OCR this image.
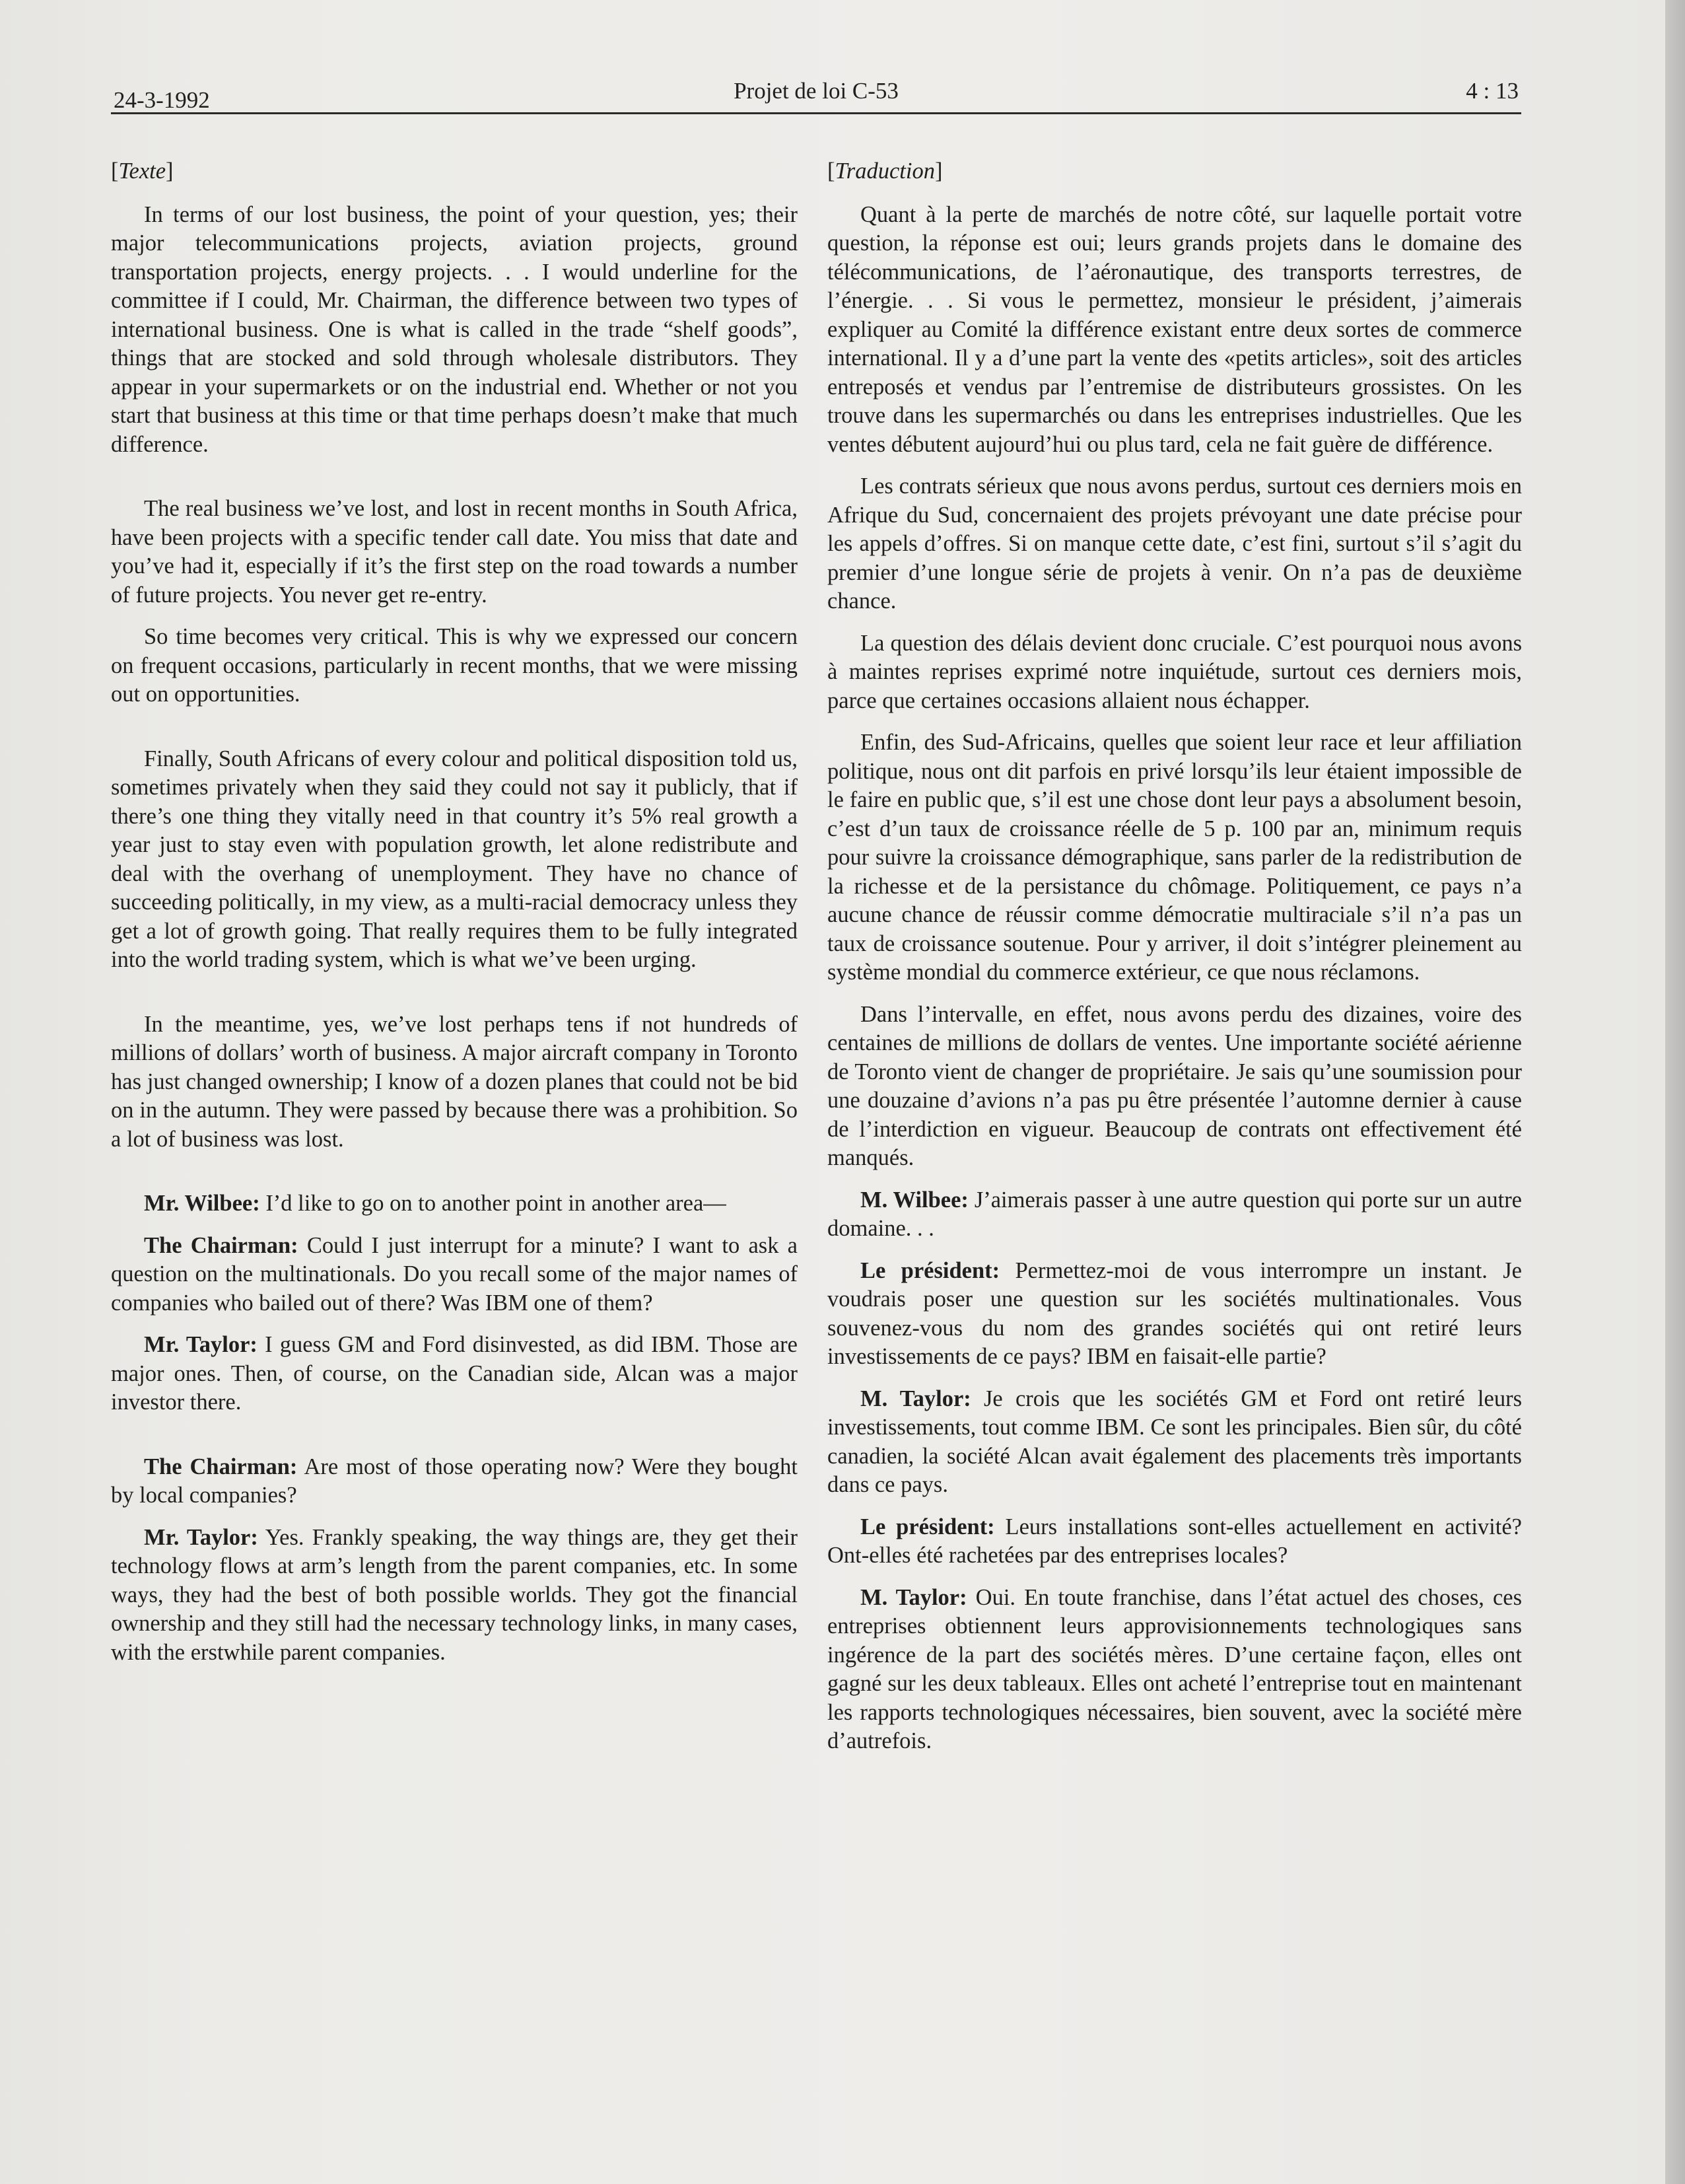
24-3-1992	Projet de loi C-53	4 : 13
[Texte]

In terms of our lost business, the point of your question, yes; their major telecommunications projects, aviation projects, ground transportation projects, energy projects. . . I would underline for the committee if I could, Mr. Chairman, the difference between two types of international business. One is what is called in the trade “shelf goods”, things that are stocked and sold through wholesale distributors. They appear in your supermarkets or on the industrial end. Whether or not you start that business at this time or that time perhaps doesn’t make that much difference.

The real business we’ve lost, and lost in recent months in South Africa, have been projects with a specific tender call date. You miss that date and you’ve had it, especially if it’s the first step on the road towards a number of future projects. You never get re-entry.

So time becomes very critical. This is why we expressed our concern on frequent occasions, particularly in recent months, that we were missing out on opportunities.

Finally, South Africans of every colour and political disposition told us, sometimes privately when they said they could not say it publicly, that if there’s one thing they vitally need in that country it’s 5% real growth a year just to stay even with population growth, let alone redistribute and deal with the overhang of unemployment. They have no chance of succeeding politically, in my view, as a multi-racial democracy unless they get a lot of growth going. That really requires them to be fully integrated into the world trading system, which is what we’ve been urging.

In the meantime, yes, we’ve lost perhaps tens if not hundreds of millions of dollars’ worth of business. A major aircraft company in Toronto has just changed ownership; I know of a dozen planes that could not be bid on in the autumn. They were passed by because there was a prohibition. So a lot of business was lost.

Mr. Wilbee: I’d like to go on to another point in another area—

The Chairman: Could I just interrupt for a minute? I want to ask a question on the multinationals. Do you recall some of the major names of companies who bailed out of there? Was IBM one of them?

Mr. Taylor: I guess GM and Ford disinvested, as did IBM. Those are major ones. Then, of course, on the Canadian side, Alcan was a major investor there.

The Chairman: Are most of those operating now? Were they bought by local companies?

Mr. Taylor: Yes. Frankly speaking, the way things are, they get their technology flows at arm’s length from the parent companies, etc. In some ways, they had the best of both possible worlds. They got the financial ownership and they still had the necessary technology links, in many cases, with the erstwhile parent companies.

[Traduction]

Quant à la perte de marchés de notre côté, sur laquelle portait votre question, la réponse est oui; leurs grands projets dans le domaine des télécommunications, de l’aéronautique, des transports terrestres, de l’énergie. . . Si vous le permettez, monsieur le président, j’aimerais expliquer au Comité la différence existant entre deux sortes de commerce international. Il y a d’une part la vente des «petits articles», soit des articles entreposés et vendus par l’entremise de distributeurs grossistes. On les trouve dans les supermarchés ou dans les entreprises industrielles. Que les ventes débutent aujourd’hui ou plus tard, cela ne fait guère de différence.

Les contrats sérieux que nous avons perdus, surtout ces derniers mois en Afrique du Sud, concernaient des projets prévoyant une date précise pour les appels d’offres. Si on manque cette date, c’est fini, surtout s’il s’agit du premier d’une longue série de projets à venir. On n’a pas de deuxième chance.

La question des délais devient donc cruciale. C’est pourquoi nous avons à maintes reprises exprimé notre inquiétude, surtout ces derniers mois, parce que certaines occasions allaient nous échapper.

Enfin, des Sud-Africains, quelles que soient leur race et leur affiliation politique, nous ont dit parfois en privé lorsqu’ils leur étaient impossible de le faire en public que, s’il est une chose dont leur pays a absolument besoin, c’est d’un taux de croissance réelle de 5 p. 100 par an, minimum requis pour suivre la croissance démographique, sans parler de la redistribution de la richesse et de la persistance du chômage. Politiquement, ce pays n’a aucune chance de réussir comme démocratie multiraciale s’il n’a pas un taux de croissance soutenue. Pour y arriver, il doit s’intégrer pleinement au système mondial du commerce extérieur, ce que nous réclamons.

Dans l’intervalle, en effet, nous avons perdu des dizaines, voire des centaines de millions de dollars de ventes. Une importante société aérienne de Toronto vient de changer de propriétaire. Je sais qu’une soumission pour une douzaine d’avions n’a pas pu être présentée l’automne dernier à cause de l’interdiction en vigueur. Beaucoup de contrats ont effectivement été manqués.

M. Wilbee: J’aimerais passer à une autre question qui porte sur un autre domaine. . .

Le président: Permettez-moi de vous interrompre un instant. Je voudrais poser une question sur les sociétés multinationales. Vous souvenez-vous du nom des grandes sociétés qui ont retiré leurs investissements de ce pays? IBM en faisait-elle partie?

M. Taylor: Je crois que les sociétés GM et Ford ont retiré leurs investissements, tout comme IBM. Ce sont les principales. Bien sûr, du côté canadien, la société Alcan avait également des placements très importants dans ce pays.

Le président: Leurs installations sont-elles actuellement en activité? Ont-elles été rachetées par des entreprises locales?

M. Taylor: Oui. En toute franchise, dans l’état actuel des choses, ces entreprises obtiennent leurs approvisionnements technologiques sans ingérence de la part des sociétés mères. D’une certaine façon, elles ont gagné sur les deux tableaux. Elles ont acheté l’entreprise tout en maintenant les rapports technologiques nécessaires, bien souvent, avec la société mère d’autrefois.
